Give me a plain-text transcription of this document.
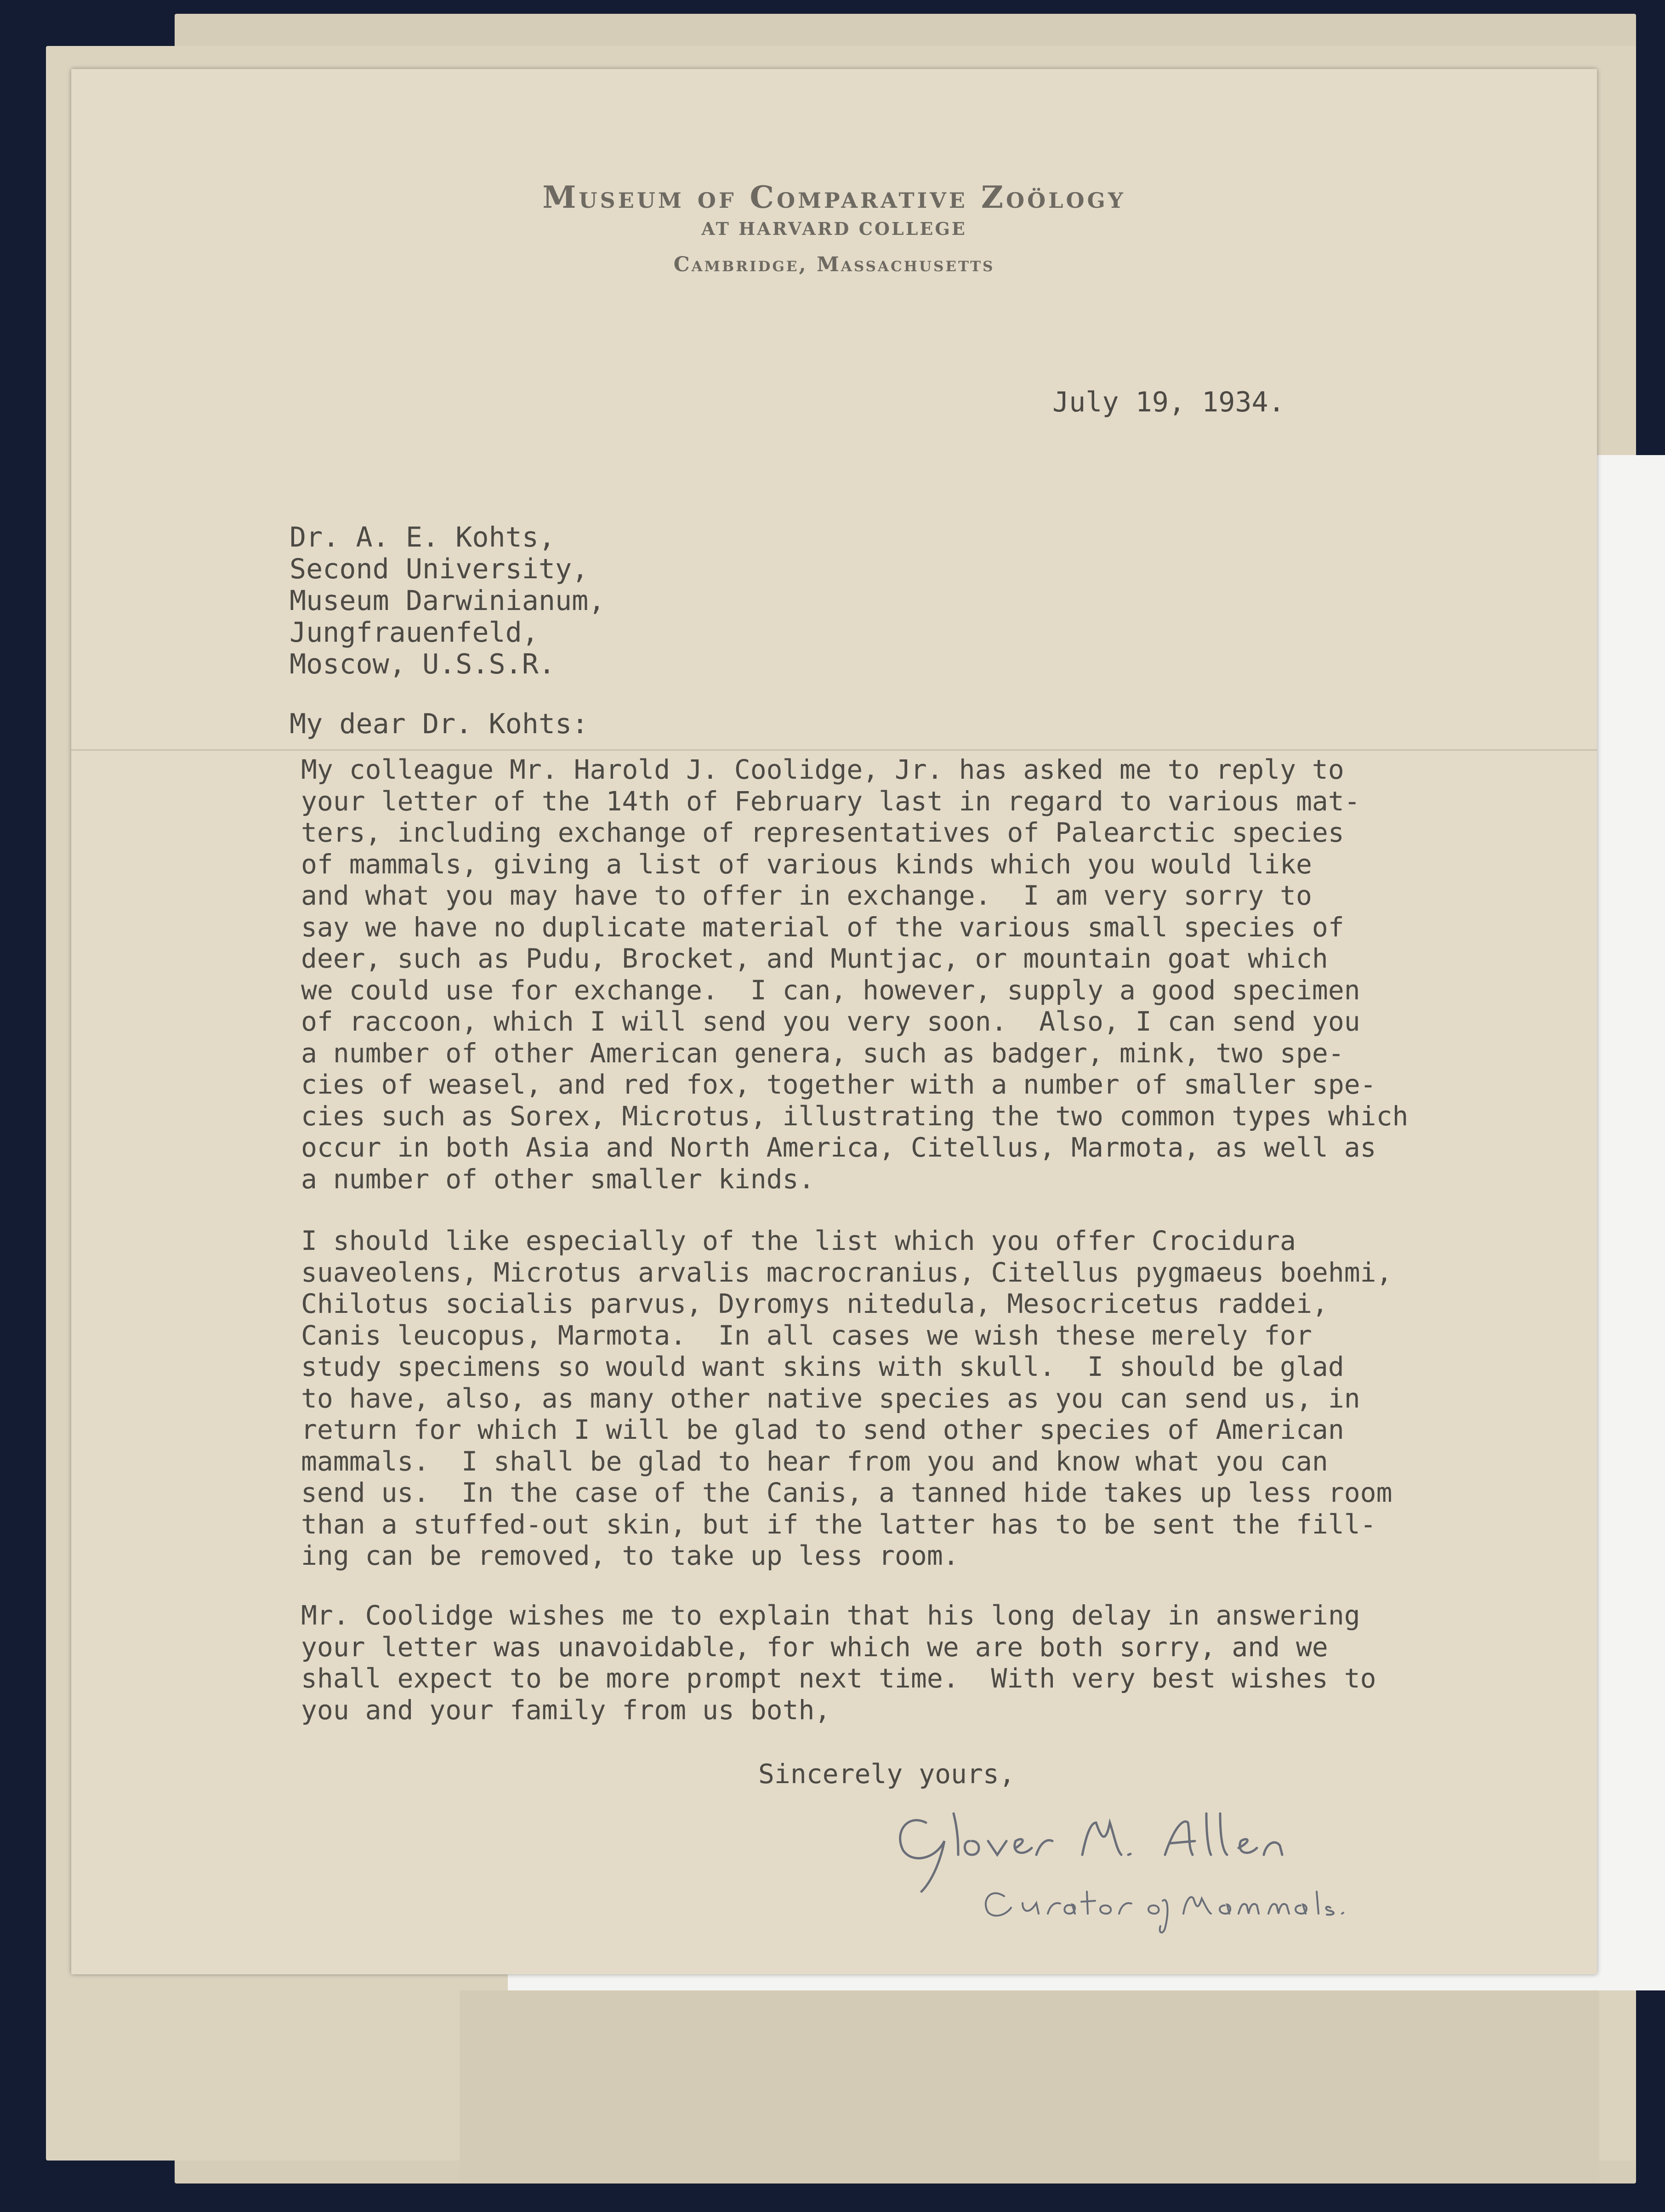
Museum of Comparative Zoölogy
AT HARVARD COLLEGE
Cambridge, Massachusetts
July 19, 1934.
Dr. A. E. Kohts,
Second University,
Museum Darwinianum,
Jungfrauenfeld,
Moscow, U.S.S.R.
My dear Dr. Kohts:
My colleague Mr. Harold J. Coolidge, Jr. has asked me to reply to
your letter of the 14th of February last in regard to various mat-
ters, including exchange of representatives of Palearctic species
of mammals, giving a list of various kinds which you would like
and what you may have to offer in exchange.  I am very sorry to
say we have no duplicate material of the various small species of
deer, such as Pudu, Brocket, and Muntjac, or mountain goat which
we could use for exchange.  I can, however, supply a good specimen
of raccoon, which I will send you very soon.  Also, I can send you
a number of other American genera, such as badger, mink, two spe-
cies of weasel, and red fox, together with a number of smaller spe-
cies such as Sorex, Microtus, illustrating the two common types which
occur in both Asia and North America, Citellus, Marmota, as well as
a number of other smaller kinds.
I should like especially of the list which you offer Crocidura
suaveolens, Microtus arvalis macrocranius, Citellus pygmaeus boehmi,
Chilotus socialis parvus, Dyromys nitedula, Mesocricetus raddei,
Canis leucopus, Marmota.  In all cases we wish these merely for
study specimens so would want skins with skull.  I should be glad
to have, also, as many other native species as you can send us, in
return for which I will be glad to send other species of American
mammals.  I shall be glad to hear from you and know what you can
send us.  In the case of the Canis, a tanned hide takes up less room
than a stuffed-out skin, but if the latter has to be sent the fill-
ing can be removed, to take up less room.
Mr. Coolidge wishes me to explain that his long delay in answering
your letter was unavoidable, for which we are both sorry, and we
shall expect to be more prompt next time.  With very best wishes to
you and your family from us both,
Sincerely yours,
